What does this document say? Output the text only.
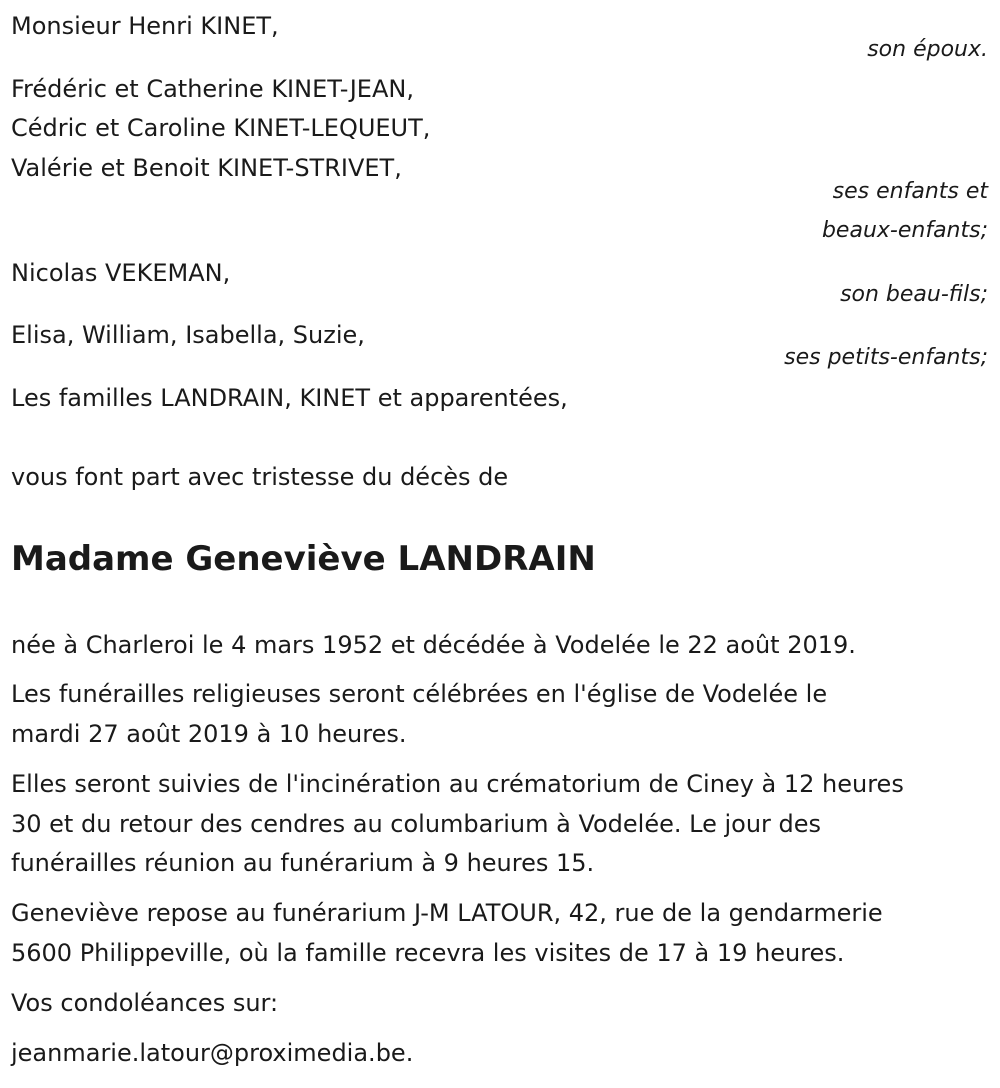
Monsieur Henri KINET,

son époux.

Frédéric et Catherine KINET-JEAN,

Cédric et Caroline KINET-LEQUEUT,

Valérie et Benoit KINET-STRIVET,

ses enfants et

beaux-enfants;

Nicolas VEKEMAN,

son beau-fils;

Elisa, William, Isabella, Suzie,

ses petits-enfants;

Les familles LANDRAIN, KINET et apparentées,

vous font part avec tristesse du décès de

Madame Geneviève LANDRAIN

née à Charleroi le 4 mars 1952 et décédée à Vodelée le 22 août 2019.

Les funérailles religieuses seront célébrées en l'église de Vodelée le

mardi 27 août 2019 à 10 heures.

Elles seront suivies de l'incinération au crématorium de Ciney à 12 heures

30 et du retour des cendres au columbarium à Vodelée. Le jour des

funérailles réunion au funérarium à 9 heures 15.

Geneviève repose au funérarium J-M LATOUR, 42, rue de la gendarmerie

5600 Philippeville, où la famille recevra les visites de 17 à 19 heures.

Vos condoléances sur:

jeanmarie.latour@proximedia.be.
